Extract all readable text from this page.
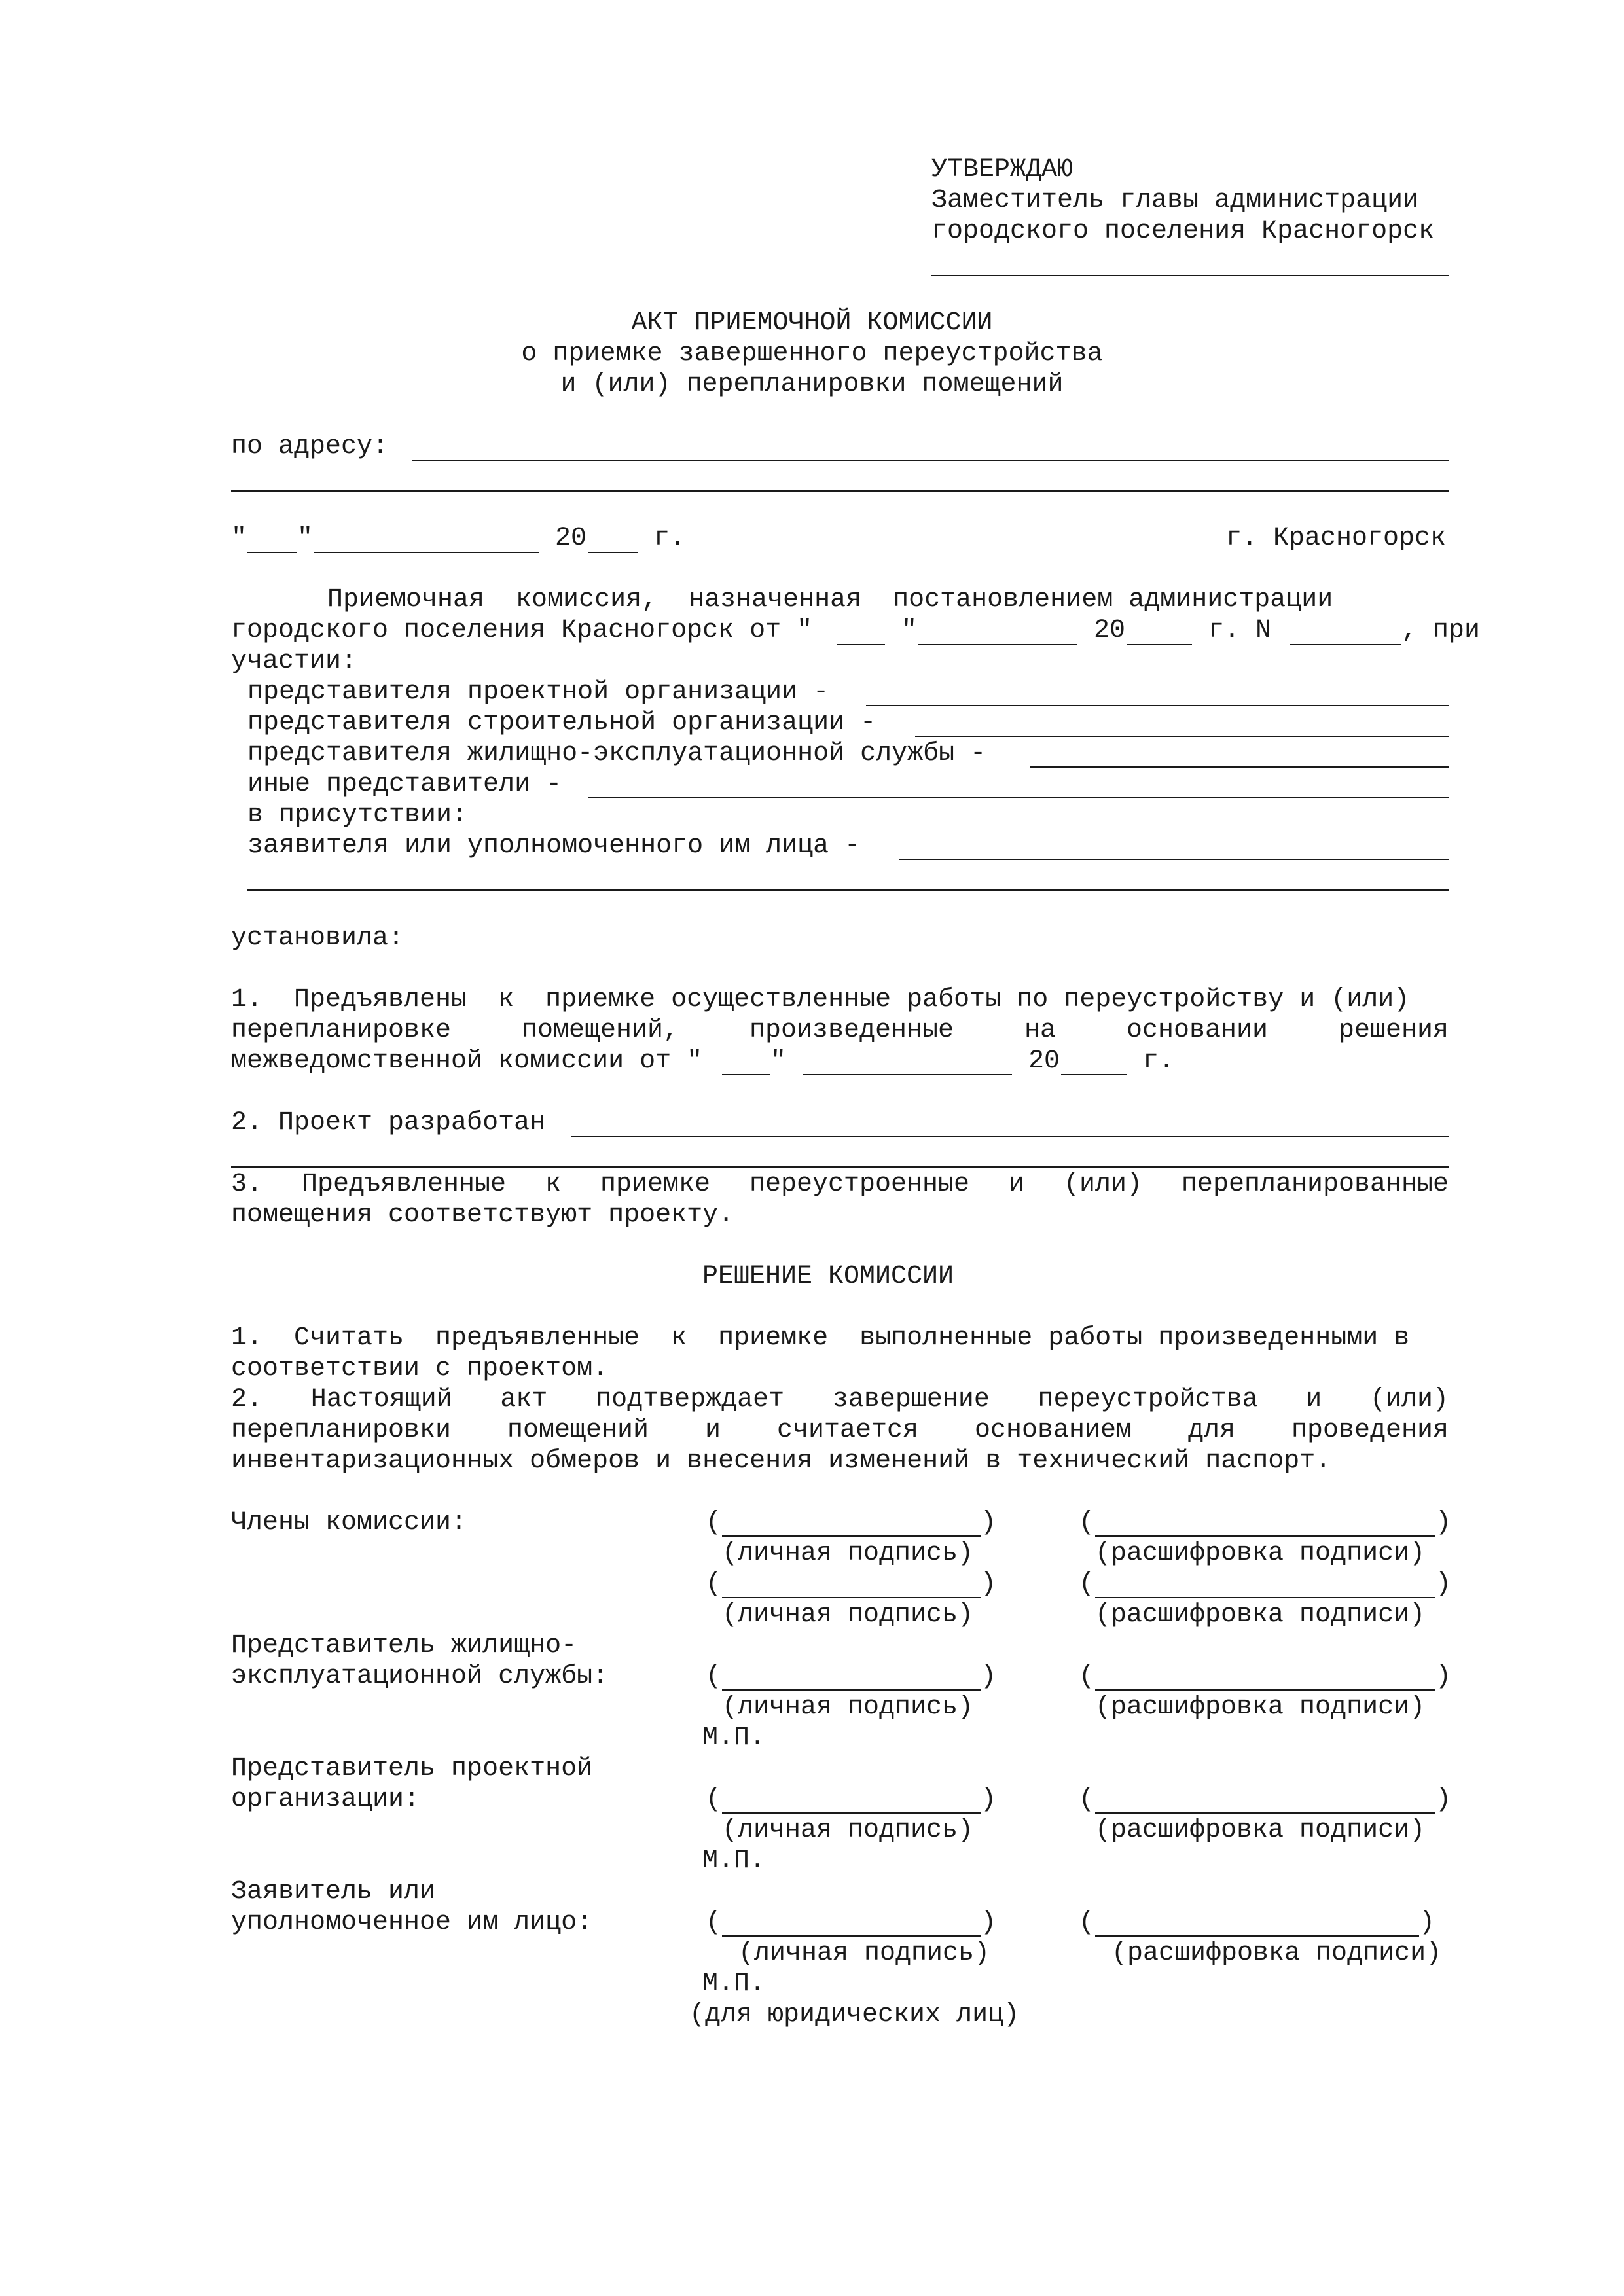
УТВЕРЖДАЮ
Заместитель главы администрации
городского поселения Красногорск
АКТ ПРИЕМОЧНОЙ КОМИССИИ
о приемке завершенного переустройства
и (или) перепланировки помещений
по адресу:
" "	20	г.	г. Красногорск
Приемочная  комиссия,  назначенная  постановлением администрации
городского поселения Красногорск от "	"	20	г. N	, при
участии:
представителя проектной организации -
представителя строительной организации -
представителя жилищно-эксплуатационной службы -
иные представители -
в присутствии:
заявителя или уполномоченного им лица -
установила:
1.  Предъявлены  к  приемке осуществленные работы по переустройству и (или)
перепланировке помещений, произведенные на основании решения
межведомственной комиссии от "	"	20	г.
2. Проект разработан
3. Предъявленные к приемке переустроенные и (или) перепланированные
помещения соответствуют проекту.
РЕШЕНИЕ КОМИССИИ
1.  Считать  предъявленные  к  приемке  выполненные работы произведенными в
соответствии с проектом.
2. Настоящий акт подтверждает завершение переустройства и (или)
перепланировки помещений и считается основанием для проведения
инвентаризационных обмеров и внесения изменений в технический паспорт.
Члены комиссии:	(	)	(	)
(личная подпись)	(расшифровка подписи)
(	)	(	)
(личная подпись)	(расшифровка подписи)
Представитель жилищно-
эксплуатационной службы:	(	)	(	)
(личная подпись)	(расшифровка подписи)
М.П.
Представитель проектной
организации:	(	)	(	)
(личная подпись)	(расшифровка подписи)
М.П.
Заявитель или
уполномоченное им лицо:	(	)	(	)
(личная подпись)	(расшифровка подписи)
М.П.
(для юридических лиц)
